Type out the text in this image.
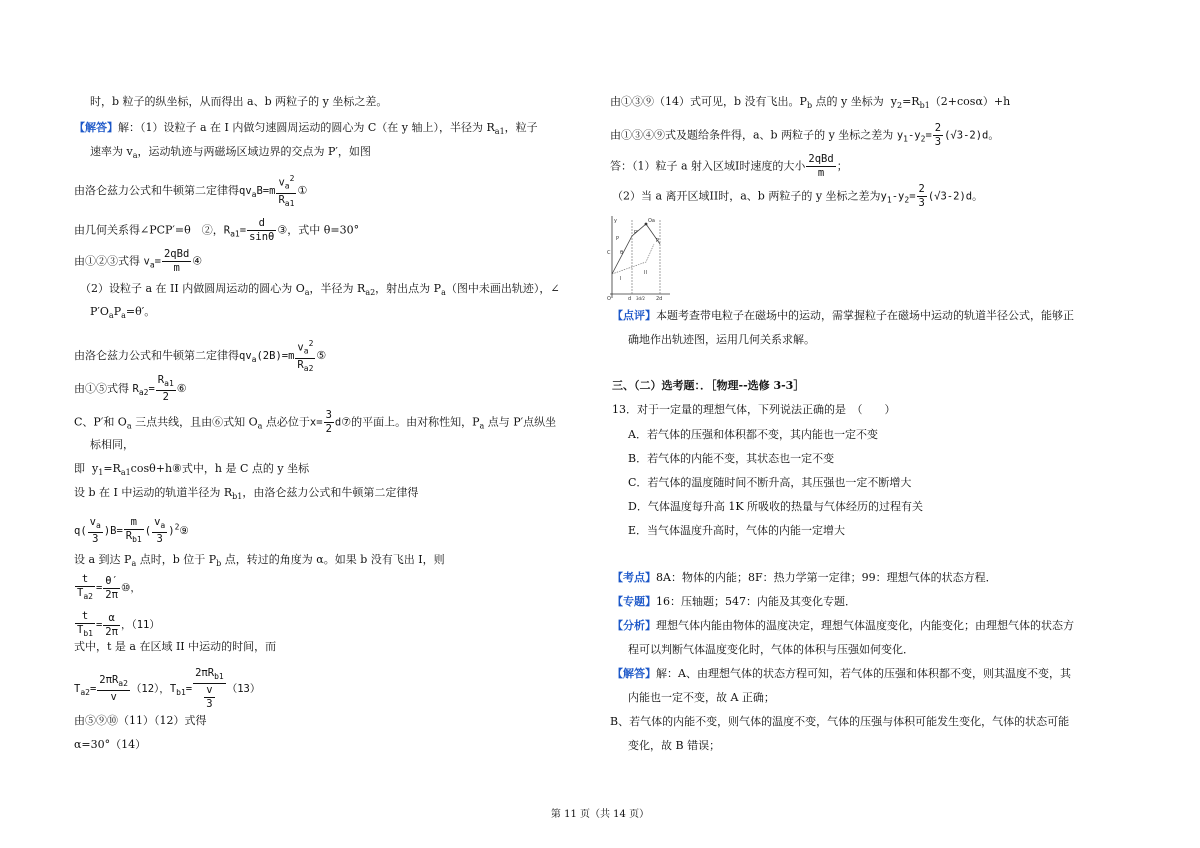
时，b 粒子的纵坐标，从而得出 a、b 两粒子的 y 坐标之差。
【解答】解：（1）设粒子 a 在 I 内做匀速圆周运动的圆心为 C（在 y 轴上），半径为 $R_{a1}$，粒子
速率为 $v_a$，运动轨迹与两磁场区域边界的交点为 P′，如图
由洛仑兹力公式和牛顿第二定律得$qv_aB=m \frac{v_a^2}{R_{a1}}$ ①
由几何关系得∠PCP′=θ　②，$R_{a1}= \frac{d}{\sin\theta}$ ③，式中 θ=30°
由①②③式得 $v_a= \frac{\text{2qBd}}{m}$ ④
（2）设粒子 a 在 II 内做圆周运动的圆心为 $O_a$，半径为 $R_{a2}$，射出点为 $P_a$（图中未画出轨迹），∠
$P'O_aP_a=\theta'$。
由洛仑兹力公式和牛顿第二定律得$qv_a(2B)=m \frac{v_a^2}{R_{a2}}$ ⑤
由①⑤式得 $R_{a2}= \frac{R_{a1}}{2}$ ⑥
C、P′和 $O_a$ 三点共线，且由⑥式知 $O_a$ 点必位于$x= \frac{3}{2}$ d⑦的平面上。由对称性知，$P_a$ 点与 P′点纵坐
标相同，
即  $y_1=R_{a1}\cos\theta+h⑧$式中，h 是 C 点的 y 坐标
设 b 在 I 中运动的轨道半径为 $R_{b1}$，由洛仑兹力公式和牛顿第二定律得
$q( \frac{v_a}{3} )B= \frac{m}{R_{b1}}$ ( $\frac{v_a}{3}$ )$^2$⑨
设 a 到达 $P_a$ 点时，b 位于 $P_b$ 点，转过的角度为 α。如果 b 没有飞出 I，则
$\frac{t}{T_{a2}} = \frac{\theta'}{2\pi}$ ⑩，
$\frac{t}{T_{b1}} = \frac{\alpha}{2\pi}$ ，（11）
式中，t 是 a 在区域 II 中运动的时间，而
$T_{a2}= \frac{2\pi R_{a2}}{v} (12)$，$T_{b1}= \frac{2\pi R_{b1}}{\frac{v}{3}} (13)$
由⑤⑨⑩（11）（12）式得
α=30°（14）
由①③⑨（14）式可见，b 没有飞出。$P_b$ 点的 y 坐标为  $y_2=R_{b1}(2+\cos\alpha)+h$
由①③④⑨式及题给条件得，a、b 两粒子的 y 坐标之差为 $y_1-y_2= \frac{2}{3} (√3-2)d$。
答：（1）粒子 a 射入区域I时速度的大小 $\frac{\text{2qBd}}{m}$ ；
（2）当 a 离开区域II时，a、b 两粒子的 y 坐标之差为$y_1-y_2= \frac{2}{3} (√3-2)d$。
y
C
P
θ
P′
P
Oa
I
II
O	d	2d
3d/2
【点评】本题考查带电粒子在磁场中的运动，需掌握粒子在磁场中运动的轨道半径公式，能够正
确地作出轨迹图，运用几何关系求解。
三、（二）选考题：．［物理--选修 3-3］
13．对于一定量的理想气体，下列说法正确的是　（　　）
A．若气体的压强和体积都不变，其内能也一定不变
B．若气体的内能不变，其状态也一定不变
C．若气体的温度随时间不断升高，其压强也一定不断增大
D．气体温度每升高 1K 所吸收的热量与气体经历的过程有关
E．当气体温度升高时，气体的内能一定增大
【考点】8A：物体的内能；8F：热力学第一定律；99：理想气体的状态方程．
【专题】16：压轴题；547：内能及其变化专题．
【分析】理想气体内能由物体的温度决定，理想气体温度变化，内能变化；由理想气体的状态方
程可以判断气体温度变化时，气体的体积与压强如何变化．
【解答】解：A、由理想气体的状态方程可知，若气体的压强和体积都不变，则其温度不变，其
内能也一定不变，故 A 正确；
B、若气体的内能不变，则气体的温度不变，气体的压强与体积可能发生变化，气体的状态可能
变化，故 B 错误；
第 11 页（共 14 页）
